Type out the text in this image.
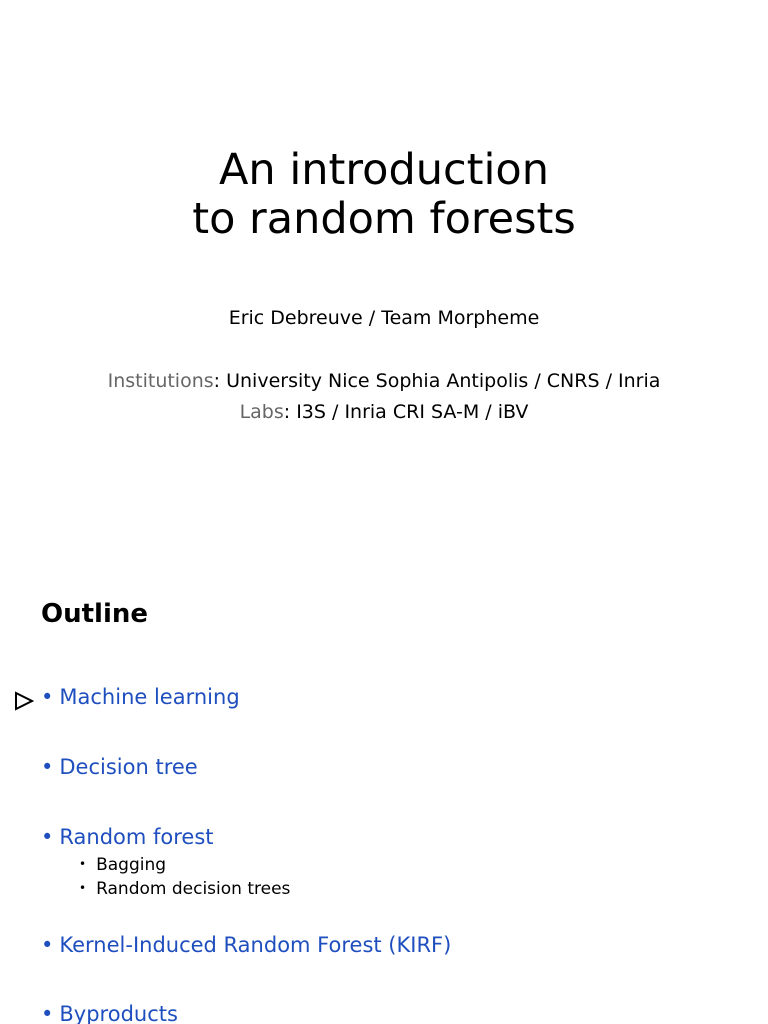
An introduction
to random forests
Eric Debreuve / Team Morpheme
Institutions: University Nice Sophia Antipolis / CNRS / Inria
Labs: I3S / Inria CRI SA-M / iBV
Outline
• Machine learning
• Decision tree
• Random forest
• Bagging
• Random decision trees
• Kernel-Induced Random Forest (KIRF)
• Byproducts
